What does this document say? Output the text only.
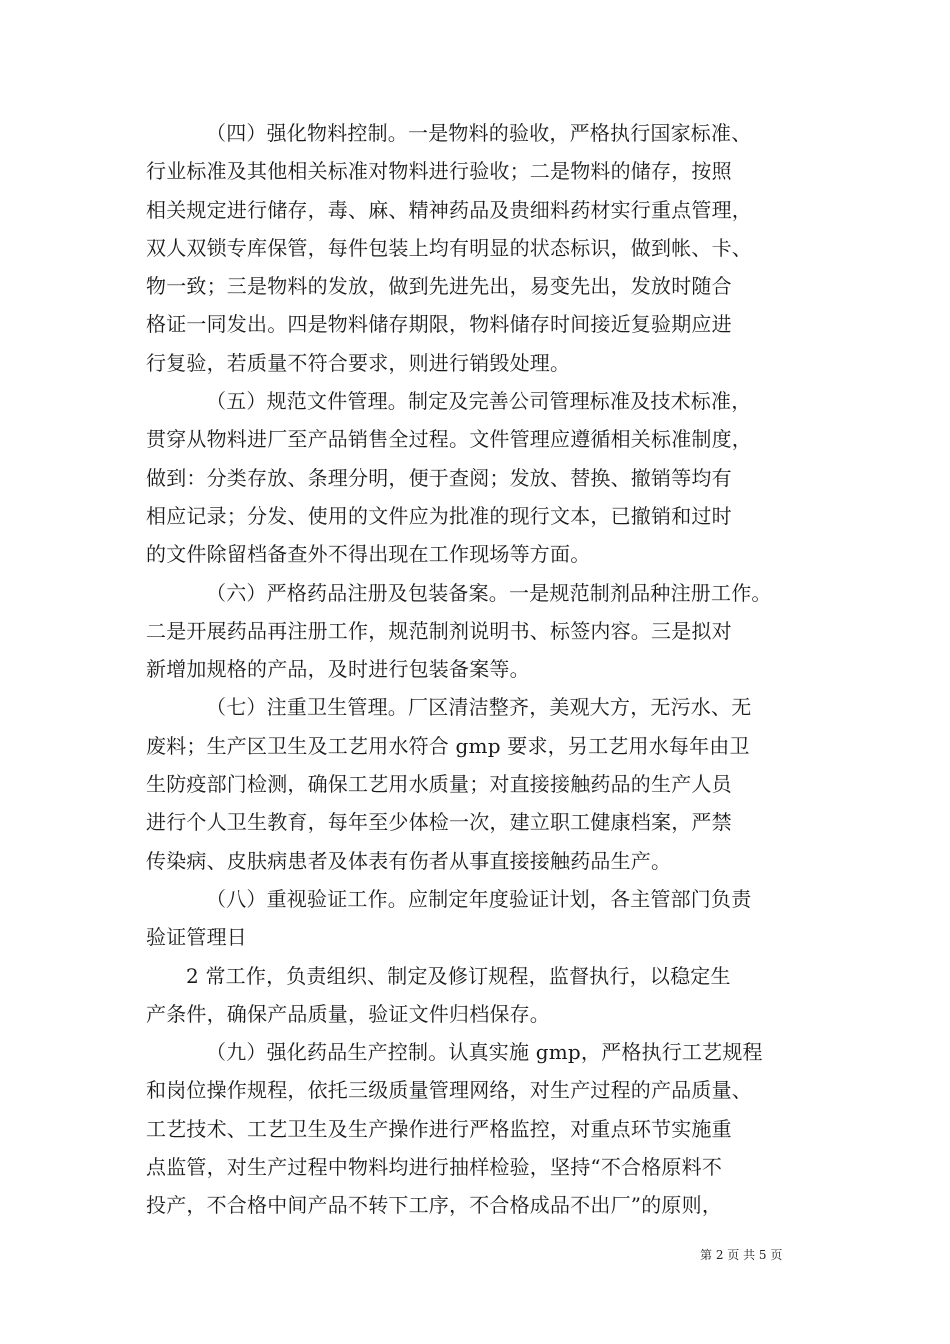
（四）强化物料控制。一是物料的验收，严格执行国家标准、
行业标准及其他相关标准对物料进行验收；二是物料的储存，按照
相关规定进行储存，毒、麻、精神药品及贵细料药材实行重点管理，
双人双锁专库保管，每件包装上均有明显的状态标识，做到帐、卡、
物一致；三是物料的发放，做到先进先出，易变先出，发放时随合
格证一同发出。四是物料储存期限，物料储存时间接近复验期应进
行复验，若质量不符合要求，则进行销毁处理。
（五）规范文件管理。制定及完善公司管理标准及技术标准，
贯穿从物料进厂至产品销售全过程。文件管理应遵循相关标准制度，
做到：分类存放、条理分明，便于查阅；发放、替换、撤销等均有
相应记录；分发、使用的文件应为批准的现行文本，已撤销和过时
的文件除留档备查外不得出现在工作现场等方面。
（六）严格药品注册及包装备案。一是规范制剂品种注册工作。
二是开展药品再注册工作，规范制剂说明书、标签内容。三是拟对
新增加规格的产品，及时进行包装备案等。
（七）注重卫生管理。厂区清洁整齐，美观大方，无污水、无
废料；生产区卫生及工艺用水符合 gmp 要求，另工艺用水每年由卫
生防疫部门检测，确保工艺用水质量；对直接接触药品的生产人员
进行个人卫生教育，每年至少体检一次，建立职工健康档案，严禁
传染病、皮肤病患者及体表有伤者从事直接接触药品生产。
（八）重视验证工作。应制定年度验证计划，各主管部门负责
验证管理日
2 常工作，负责组织、制定及修订规程，监督执行，以稳定生
产条件，确保产品质量，验证文件归档保存。
（九）强化药品生产控制。认真实施 gmp，严格执行工艺规程
和岗位操作规程，依托三级质量管理网络，对生产过程的产品质量、
工艺技术、工艺卫生及生产操作进行严格监控，对重点环节实施重
点监管，对生产过程中物料均进行抽样检验，坚持“不合格原料不
投产，不合格中间产品不转下工序，不合格成品不出厂”的原则，
第 2 页 共 5 页
